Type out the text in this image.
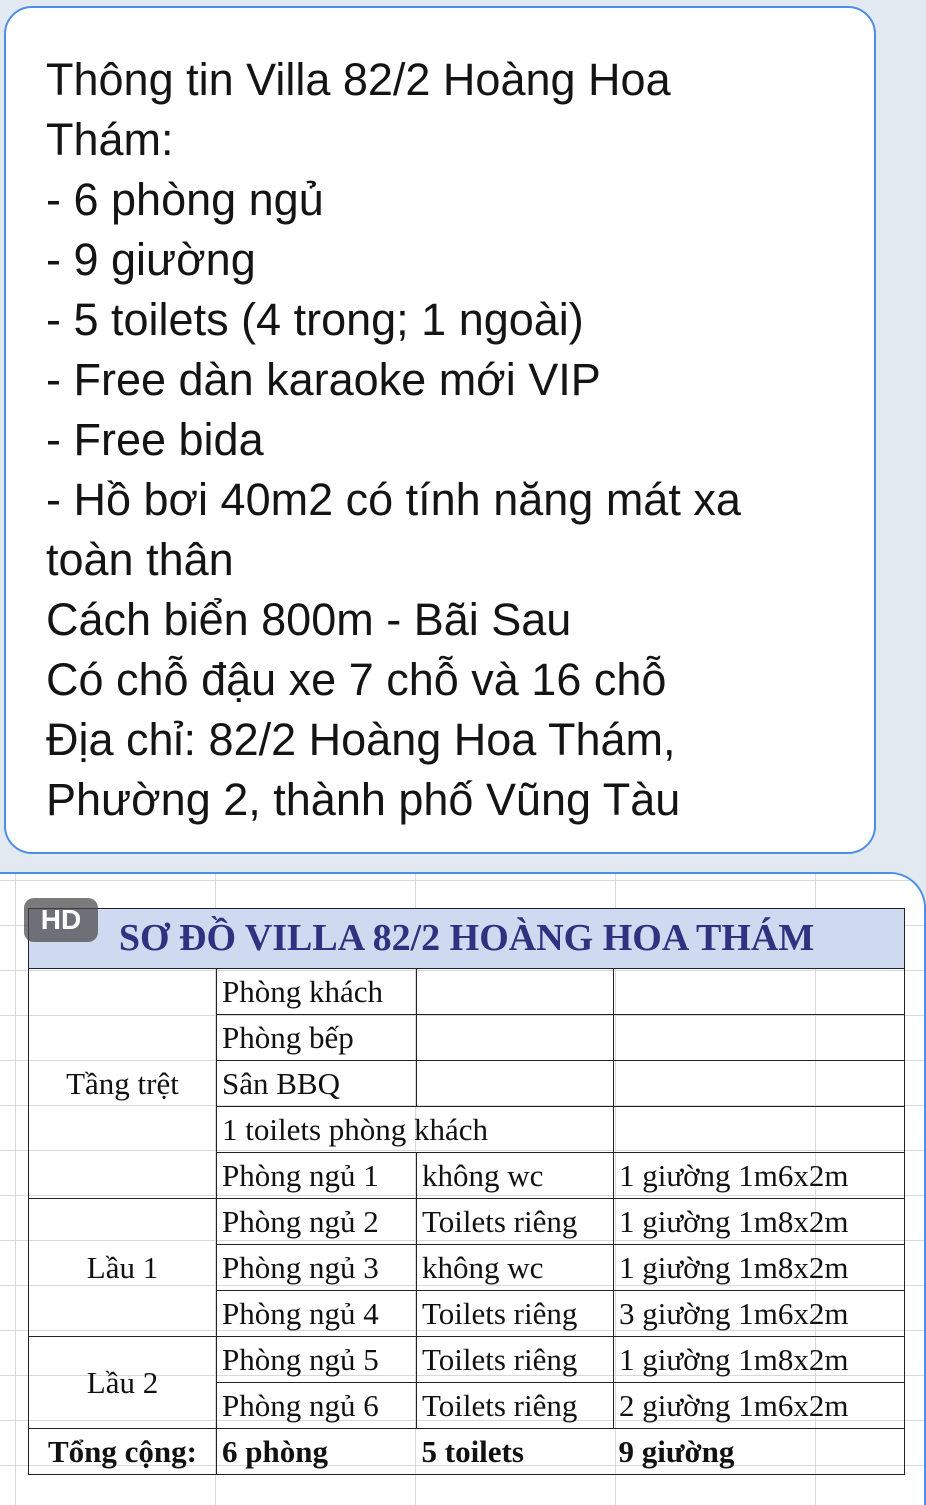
Thông tin Villa 82/2 Hoàng Hoa
Thám:
- 6 phòng ngủ
- 9 giường
- 5 toilets (4 trong; 1 ngoài)
- Free dàn karaoke mới VIP
- Free bida
- Hồ bơi 40m2 có tính năng mát xa
toàn thân
Cách biển 800m - Bãi Sau
Có chỗ đậu xe 7 chỗ và 16 chỗ
Địa chỉ: 82/2 Hoàng Hoa Thám,
Phường 2, thành phố Vũng Tàu
HD SƠ ĐỒ VILLA 82/2 HOÀNG HOA THÁM			
Tầng trệt	Phòng khách		
	Phòng bếp		
	Sân BBQ		
	1 toilets phòng khách		
	Phòng ngủ 1	không wc	1 giường 1m6x2m
Lầu 1	Phòng ngủ 2	Toilets riêng	1 giường 1m8x2m
	Phòng ngủ 3	không wc	1 giường 1m8x2m
	Phòng ngủ 4	Toilets riêng	3 giường 1m6x2m
Lầu 2	Phòng ngủ 5	Toilets riêng	1 giường 1m8x2m
	Phòng ngủ 6	Toilets riêng	2 giường 1m6x2m
Tổng cộng:	6 phòng	5 toilets	9 giường
